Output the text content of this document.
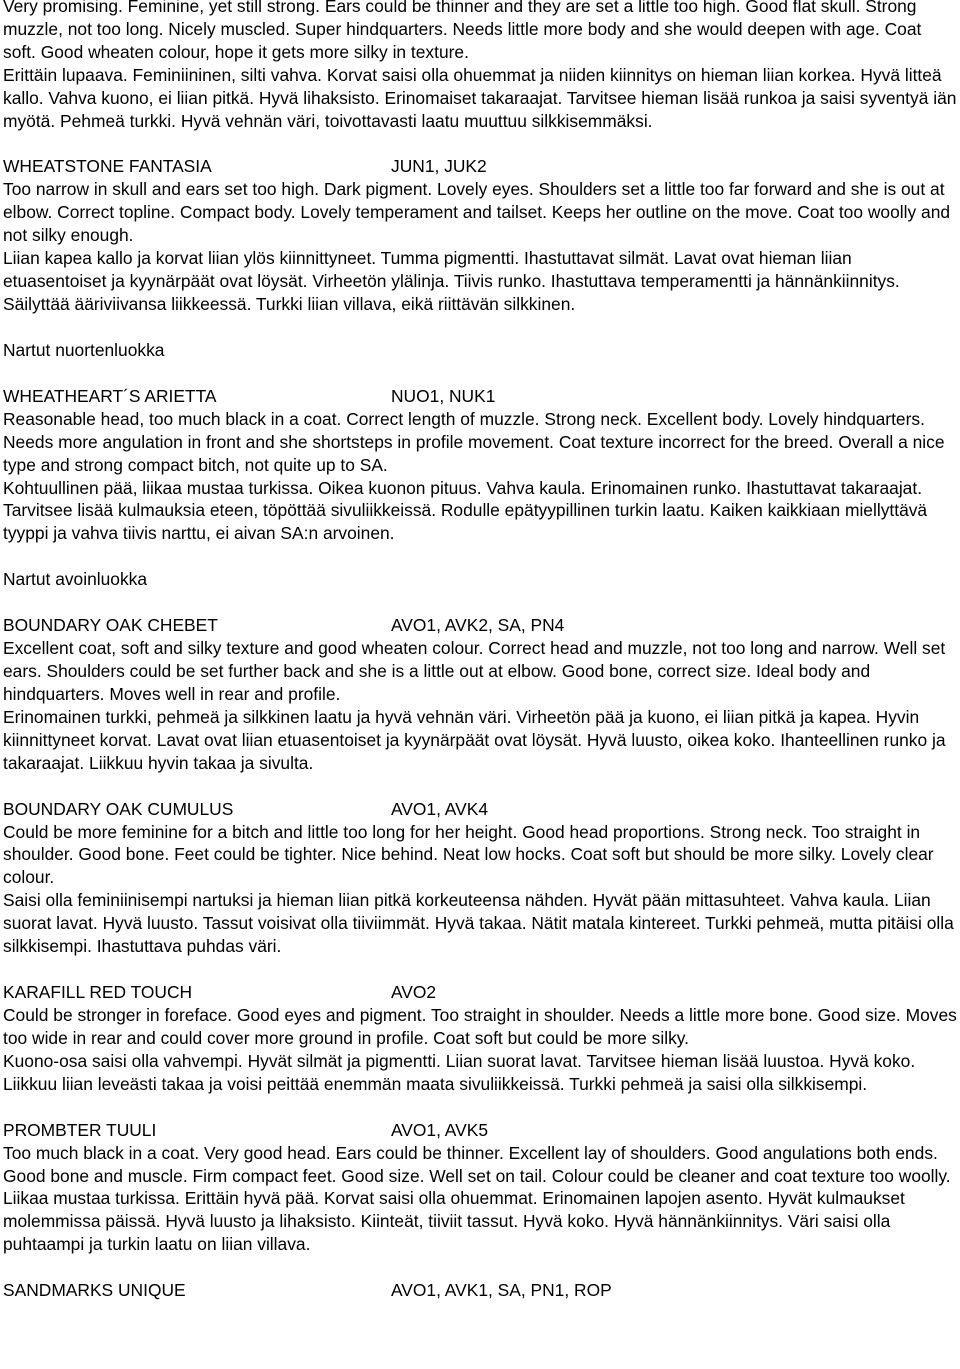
Very promising. Feminine, yet still strong. Ears could be thinner and they are set a little too high. Good flat skull. Strong muzzle, not too long. Nicely muscled. Super hindquarters. Needs little more body and she would deepen with age. Coat soft. Good wheaten colour, hope it gets more silky in texture.

Erittäin lupaava. Feminiininen, silti vahva. Korvat saisi olla ohuemmat ja niiden kiinnitys on hieman liian korkea. Hyvä litteä kallo. Vahva kuono, ei liian pitkä. Hyvä lihaksisto. Erinomaiset takaraajat. Tarvitsee hieman lisää runkoa ja saisi syventyä iän myötä. Pehmeä turkki. Hyvä vehnän väri, toivottavasti laatu muuttuu silkkisemmäksi.

WHEATSTONE FANTASIA	JUN1, JUK2

Too narrow in skull and ears set too high. Dark pigment. Lovely eyes. Shoulders set a little too far forward and she is out at elbow. Correct topline. Compact body. Lovely temperament and tailset. Keeps her outline on the move. Coat too woolly and not silky enough.

Liian kapea kallo ja korvat liian ylös kiinnittyneet. Tumma pigmentti. Ihastuttavat silmät. Lavat ovat hieman liian etuasentoiset ja kyynärpäät ovat löysät. Virheetön ylälinja. Tiivis runko. Ihastuttava temperamentti ja hännänkiinnitys. Säilyttää ääriviivansa liikkeessä. Turkki liian villava, eikä riittävän silkkinen.

Nartut nuortenluokka

WHEATHEART´S ARIETTA	NUO1, NUK1

Reasonable head, too much black in a coat. Correct length of muzzle. Strong neck. Excellent body. Lovely hindquarters. Needs more angulation in front and she shortsteps in profile movement. Coat texture incorrect for the breed. Overall a nice type and strong compact bitch, not quite up to SA.

Kohtuullinen pää, liikaa mustaa turkissa. Oikea kuonon pituus. Vahva kaula. Erinomainen runko. Ihastuttavat takaraajat. Tarvitsee lisää kulmauksia eteen, töpöttää sivuliikkeissä. Rodulle epätyypillinen turkin laatu. Kaiken kaikkiaan miellyttävä tyyppi ja vahva tiivis narttu, ei aivan SA:n arvoinen.

Nartut avoinluokka

BOUNDARY OAK CHEBET	AVO1, AVK2, SA, PN4

Excellent coat, soft and silky texture and good wheaten colour. Correct head and muzzle, not too long and narrow. Well set ears. Shoulders could be set further back and she is a little out at elbow. Good bone, correct size. Ideal body and hindquarters. Moves well in rear and profile.

Erinomainen turkki, pehmeä ja silkkinen laatu ja hyvä vehnän väri. Virheetön pää ja kuono, ei liian pitkä ja kapea. Hyvin kiinnittyneet korvat. Lavat ovat liian etuasentoiset ja kyynärpäät ovat löysät. Hyvä luusto, oikea koko. Ihanteellinen runko ja takaraajat. Liikkuu hyvin takaa ja sivulta.

BOUNDARY OAK CUMULUS	AVO1, AVK4

Could be more feminine for a bitch and little too long for her height. Good head proportions. Strong neck. Too straight in shoulder. Good bone. Feet could be tighter. Nice behind. Neat low hocks. Coat soft but should be more silky. Lovely clear colour.

Saisi olla feminiinisempi nartuksi ja hieman liian pitkä korkeuteensa nähden. Hyvät pään mittasuhteet. Vahva kaula. Liian suorat lavat. Hyvä luusto. Tassut voisivat olla tiiviimmät. Hyvä takaa. Nätit matala kintereet. Turkki pehmeä, mutta pitäisi olla silkkisempi. Ihastuttava puhdas väri.

KARAFILL RED TOUCH	AVO2

Could be stronger in foreface. Good eyes and pigment. Too straight in shoulder. Needs a little more bone. Good size. Moves too wide in rear and could cover more ground in profile. Coat soft but could be more silky.

Kuono-osa saisi olla vahvempi. Hyvät silmät ja pigmentti. Liian suorat lavat. Tarvitsee hieman lisää luustoa. Hyvä koko. Liikkuu liian leveästi takaa ja voisi peittää enemmän maata sivuliikkeissä. Turkki pehmeä ja saisi olla silkkisempi.

PROMBTER TUULI	AVO1, AVK5

Too much black in a coat. Very good head. Ears could be thinner. Excellent lay of shoulders. Good angulations both ends. Good bone and muscle. Firm compact feet. Good size. Well set on tail. Colour could be cleaner and coat texture too woolly.

Liikaa mustaa turkissa. Erittäin hyvä pää. Korvat saisi olla ohuemmat. Erinomainen lapojen asento. Hyvät kulmaukset molemmissa päissä. Hyvä luusto ja lihaksisto. Kiinteät, tiiviit tassut. Hyvä koko. Hyvä hännänkiinnitys. Väri saisi olla puhtaampi ja turkin laatu on liian villava.

SANDMARKS UNIQUE	AVO1, AVK1, SA, PN1, ROP
